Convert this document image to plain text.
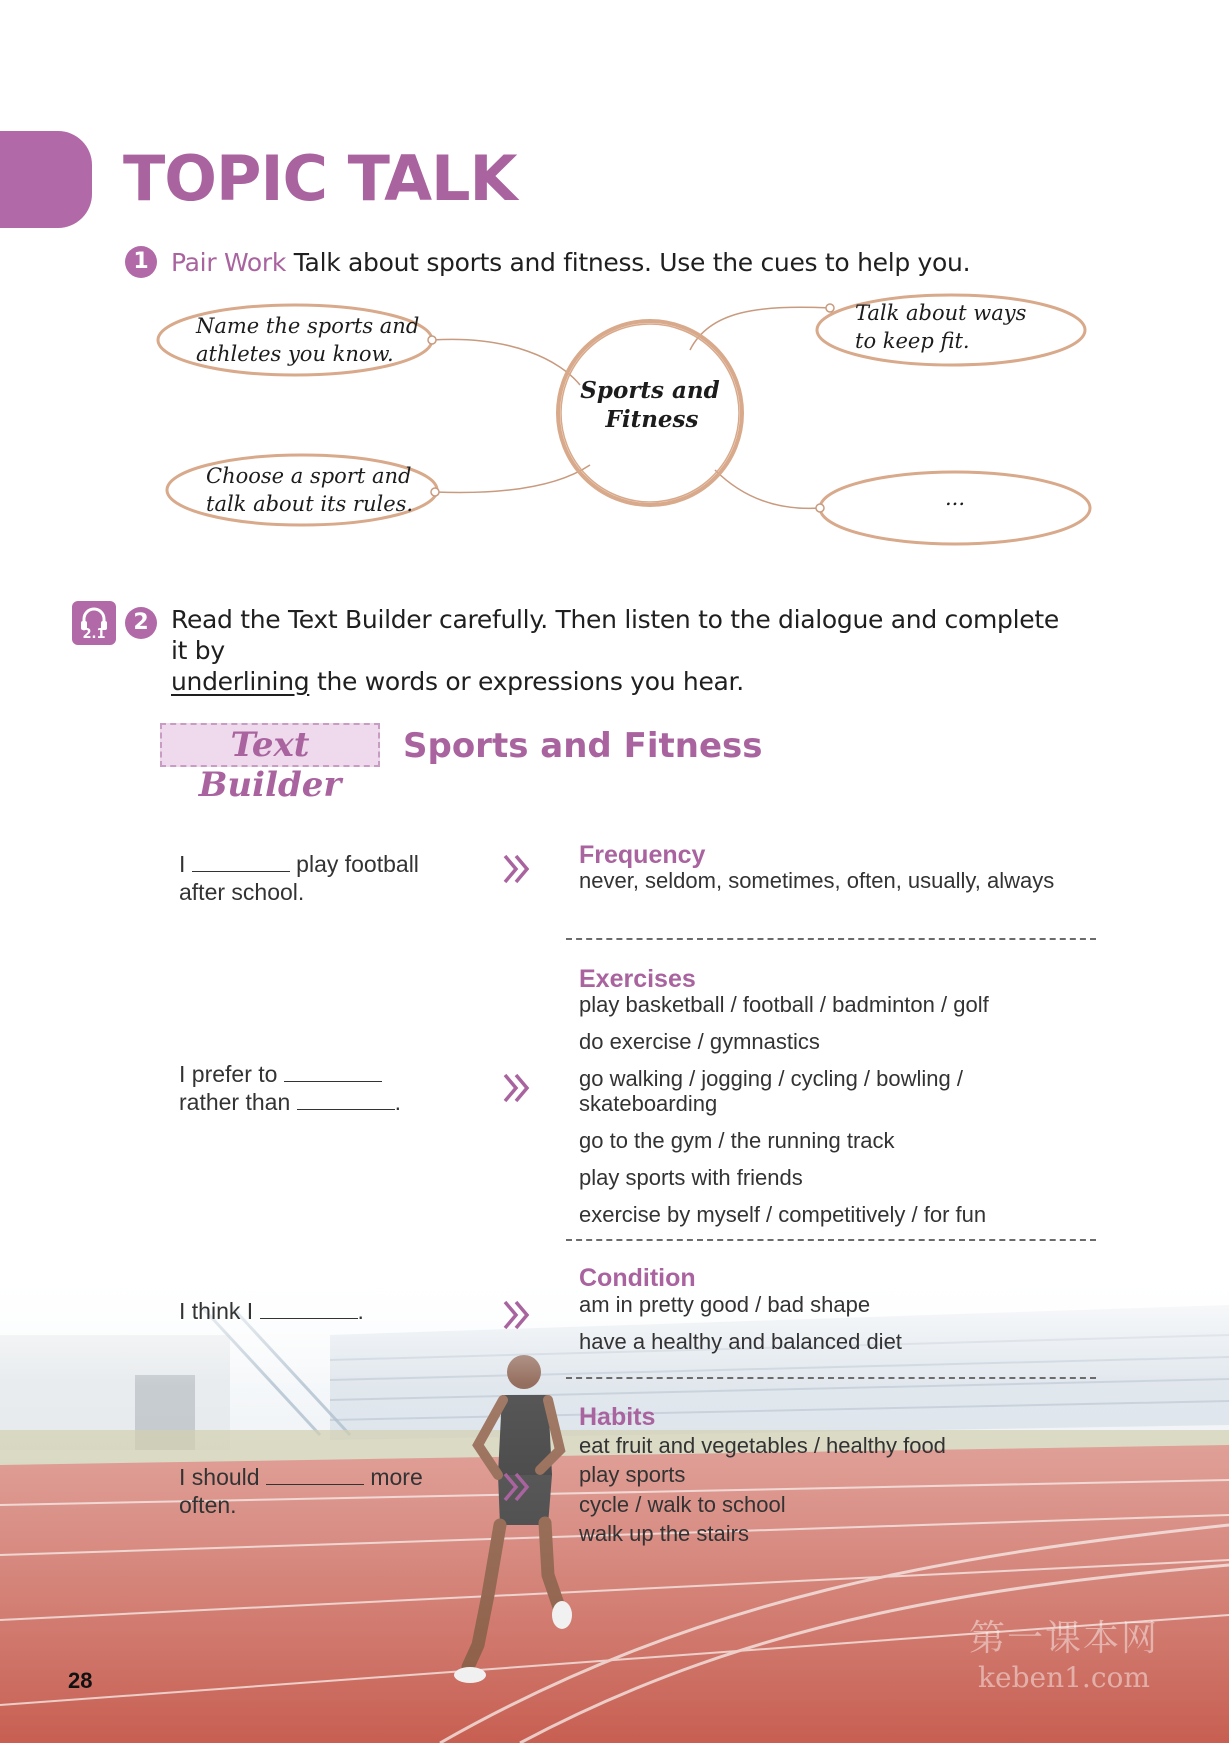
TOPIC TALK
1 Pair Work Talk about sports and fitness. Use the cues to help you.
Sports and
Fitness
Name the sports and
athletes you know.
Talk about ways
to keep fit.
Choose a sport and
talk about its rules.	...
2.1	2 Read the Text Builder carefully. Then listen to the dialogue and complete it by
underlining the words or expressions you hear.
Text Builder
Sports and Fitness
I	play football
after school.
Frequency
never, seldom, sometimes, often, usually, always
I prefer to
rather than	.
Exercises
play basketball / football / badminton / golf
do exercise / gymnastics
go walking / jogging / cycling / bowling /
skateboarding
go to the gym / the running track
play sports with friends
exercise by myself / competitively / for fun
I think I	.
Condition
am in pretty good / bad shape
have a healthy and balanced diet
I should	more
often.
Habits
eat fruit and vegetables / healthy food
play sports
cycle / walk to school
walk up the stairs
28
第一课本网
keben1.com
